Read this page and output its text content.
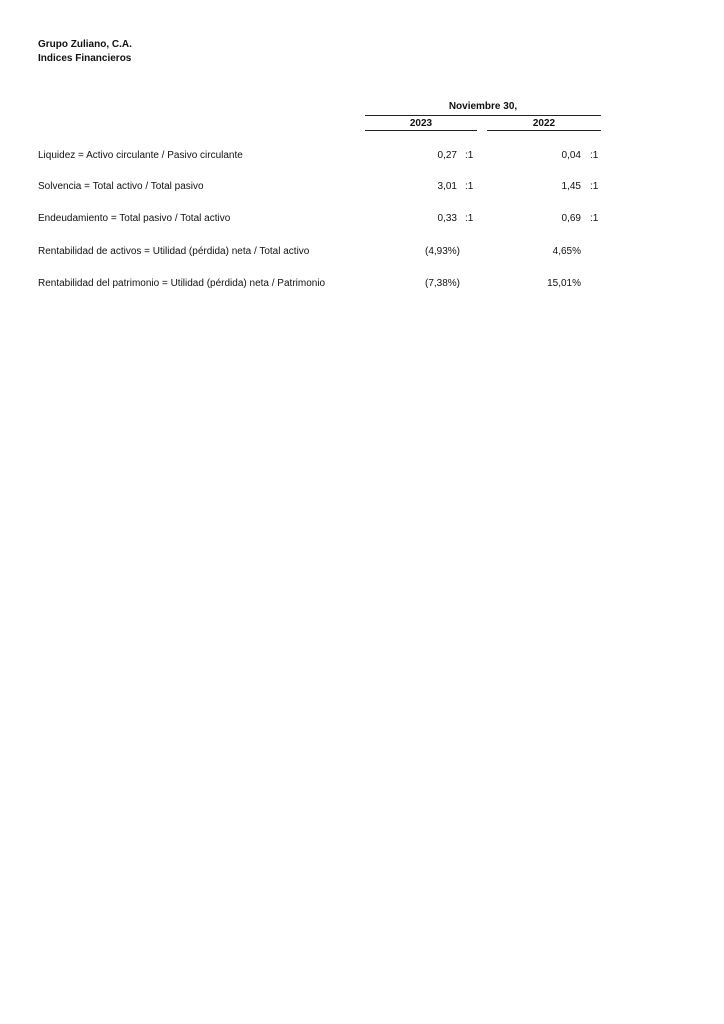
Grupo Zuliano, C.A.
Indices Financieros
Noviembre 30,
2023	2022
Liquidez = Activo circulante / Pasivo circulante	0,27 :1	0,04 :1
Solvencia = Total activo / Total pasivo	3,01 :1	1,45 :1
Endeudamiento = Total pasivo / Total activo	0,33 :1	0,69 :1
Rentabilidad de activos = Utilidad (pérdida) neta / Total activo	(4,93%)	4,65%
Rentabilidad del patrimonio = Utilidad (pérdida) neta / Patrimonio	(7,38%)	15,01%
